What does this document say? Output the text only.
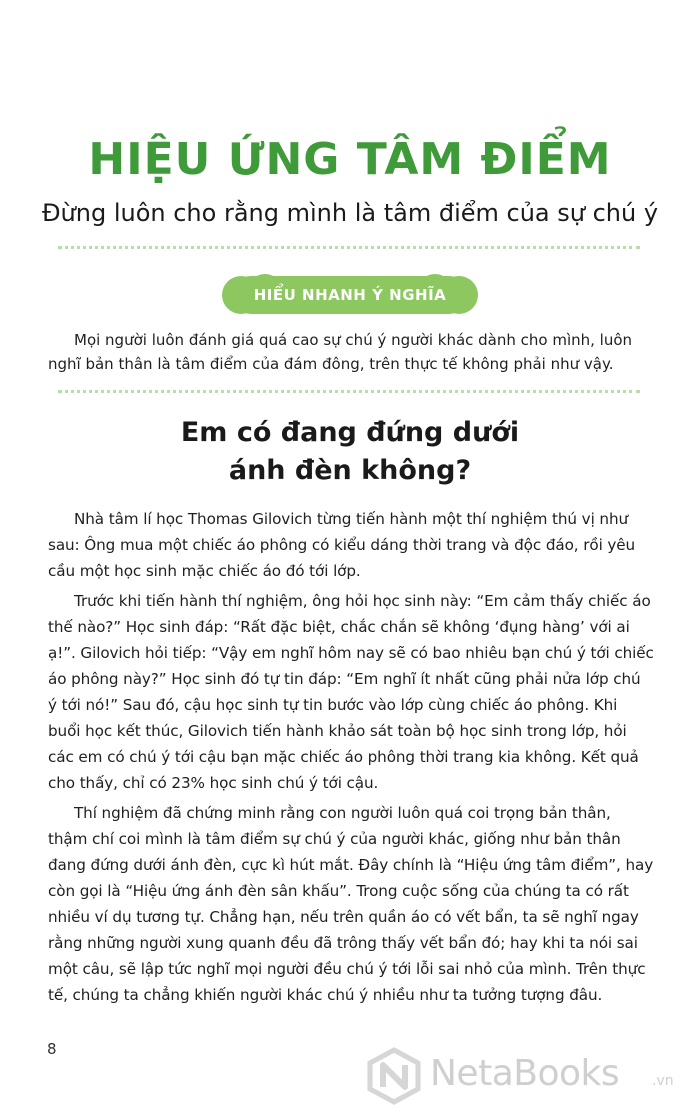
HIỆU ỨNG TÂM ĐIỂM
Đừng luôn cho rằng mình là tâm điểm của sự chú ý
HIỂU NHANH Ý NGHĨA

Mọi người luôn đánh giá quá cao sự chú ý người khác dành cho mình, luôn nghĩ bản thân là tâm điểm của đám đông, trên thực tế không phải như vậy.

Em có đang đứng dưới
ánh đèn không?

Nhà tâm lí học Thomas Gilovich từng tiến hành một thí nghiệm thú vị như sau: Ông mua một chiếc áo phông có kiểu dáng thời trang và độc đáo, rồi yêu cầu một học sinh mặc chiếc áo đó tới lớp.

Trước khi tiến hành thí nghiệm, ông hỏi học sinh này: “Em cảm thấy chiếc áo thế nào?” Học sinh đáp: “Rất đặc biệt, chắc chắn sẽ không ‘đụng hàng’ với ai ạ!”. Gilovich hỏi tiếp: “Vậy em nghĩ hôm nay sẽ có bao nhiêu bạn chú ý tới chiếc áo phông này?” Học sinh đó tự tin đáp: “Em nghĩ ít nhất cũng phải nửa lớp chú ý tới nó!” Sau đó, cậu học sinh tự tin bước vào lớp cùng chiếc áo phông. Khi buổi học kết thúc, Gilovich tiến hành khảo sát toàn bộ học sinh trong lớp, hỏi các em có chú ý tới cậu bạn mặc chiếc áo phông thời trang kia không. Kết quả cho thấy, chỉ có 23% học sinh chú ý tới cậu.

Thí nghiệm đã chứng minh rằng con người luôn quá coi trọng bản thân, thậm chí coi mình là tâm điểm sự chú ý của người khác, giống như bản thân đang đứng dưới ánh đèn, cực kì hút mắt. Đây chính là “Hiệu ứng tâm điểm”, hay còn gọi là “Hiệu ứng ánh đèn sân khấu”. Trong cuộc sống của chúng ta có rất nhiều ví dụ tương tự. Chẳng hạn, nếu trên quần áo có vết bẩn, ta sẽ nghĩ ngay rằng những người xung quanh đều đã trông thấy vết bẩn đó; hay khi ta nói sai một câu, sẽ lập tức nghĩ mọi người đều chú ý tới lỗi sai nhỏ của mình. Trên thực tế, chúng ta chẳng khiến người khác chú ý nhiều như ta tưởng tượng đâu.

8
NetaBooks .vn
